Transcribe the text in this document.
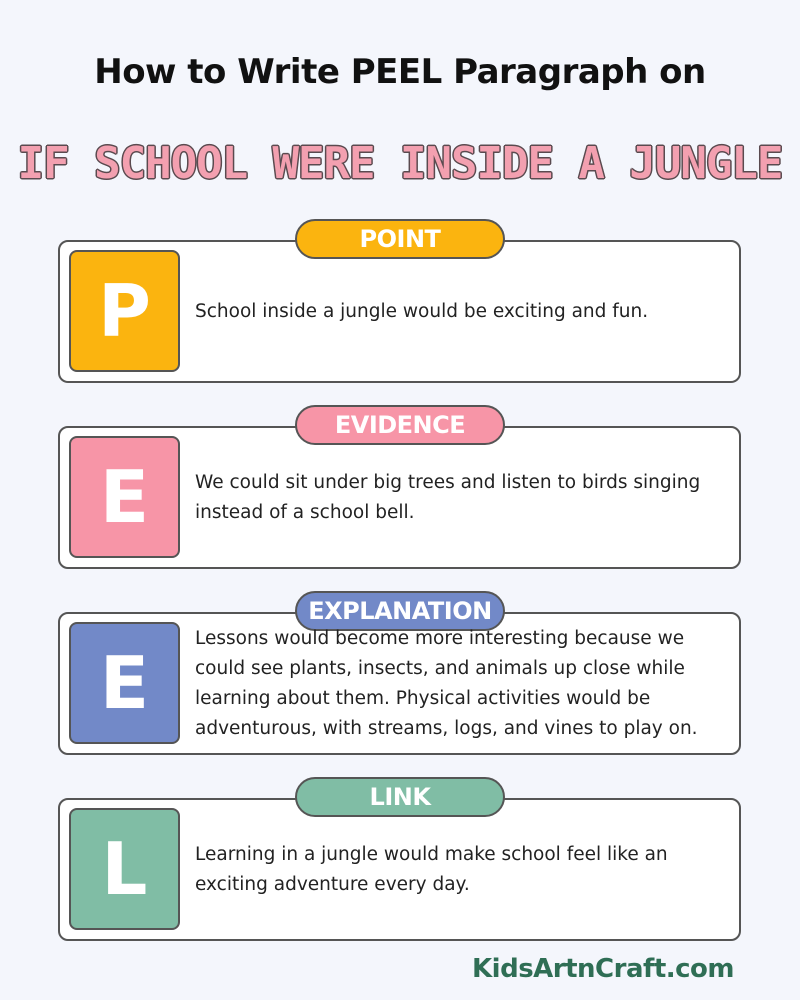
How to Write PEEL Paragraph on
IF SCHOOL WERE INSIDE A JUNGLE
POINT
P	School inside a jungle would be exciting and fun.
EVIDENCE
E	We could sit under big trees and listen to birds singing instead of a school bell.
EXPLANATION
E
Lessons would become more interesting because we could see plants, insects, and animals up close while learning about them. Physical activities would be adventurous, with streams, logs, and vines to play on.
LINK
L	Learning in a jungle would make school feel like an exciting adventure every day.
KidsArtnCraft.com
